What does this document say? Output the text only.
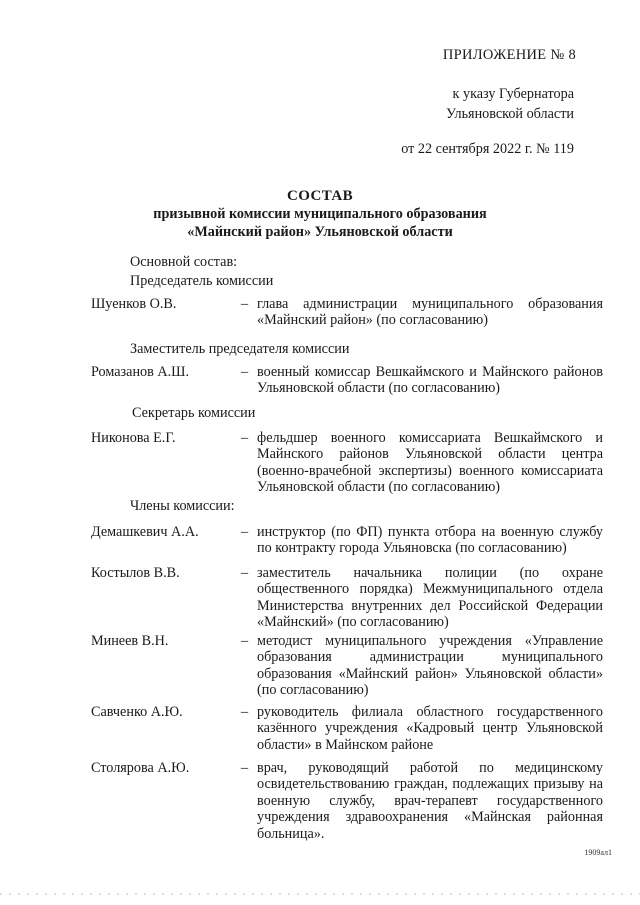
ПРИЛОЖЕНИЕ № 8
к указу Губернатора
Ульяновской области
от 22 сентября 2022 г. № 119
СОСТАВ
призывной комиссии муниципального образования
«Майнский район» Ульяновской области
Основной состав:
Председатель комиссии
Шуенков О.В.	– глава администрации муниципального образования «Майнский район» (по согласованию)
Заместитель председателя комиссии
Ромазанов А.Ш.	– военный комиссар Вешкаймского и Майнского районов Ульяновской области (по согласованию)
Секретарь комиссии
Никонова Е.Г.	– фельдшер военного комиссариата Вешкаймского и Майнского районов Ульяновской области центра (военно-врачебной экспертизы) военного комиссариата Ульяновской области (по согласованию)
Члены комиссии:
Демашкевич А.А.	– инструктор (по ФП) пункта отбора на военную службу по контракту города Ульяновска (по согласованию)
Костылов В.В.	– заместитель начальника полиции (по охране общественного порядка) Межмуниципального отдела Министерства внутренних дел Российской Федерации «Майнский» (по согласованию)
Минеев В.Н.	– методист муниципального учреждения «Управление образования администрации муниципального образования «Майнский район» Ульяновской области» (по согласованию)
Савченко А.Ю.	– руководитель филиала областного государственного казённого учреждения «Кадровый центр Ульяновской области» в Майнском районе
Столярова А.Ю.	– врач, руководящий работой по медицинскому освидетельствованию граждан, подлежащих призыву на военную службу, врач-терапевт государственного учреждения здравоохранения «Майнская районная больница».
1909ал1
